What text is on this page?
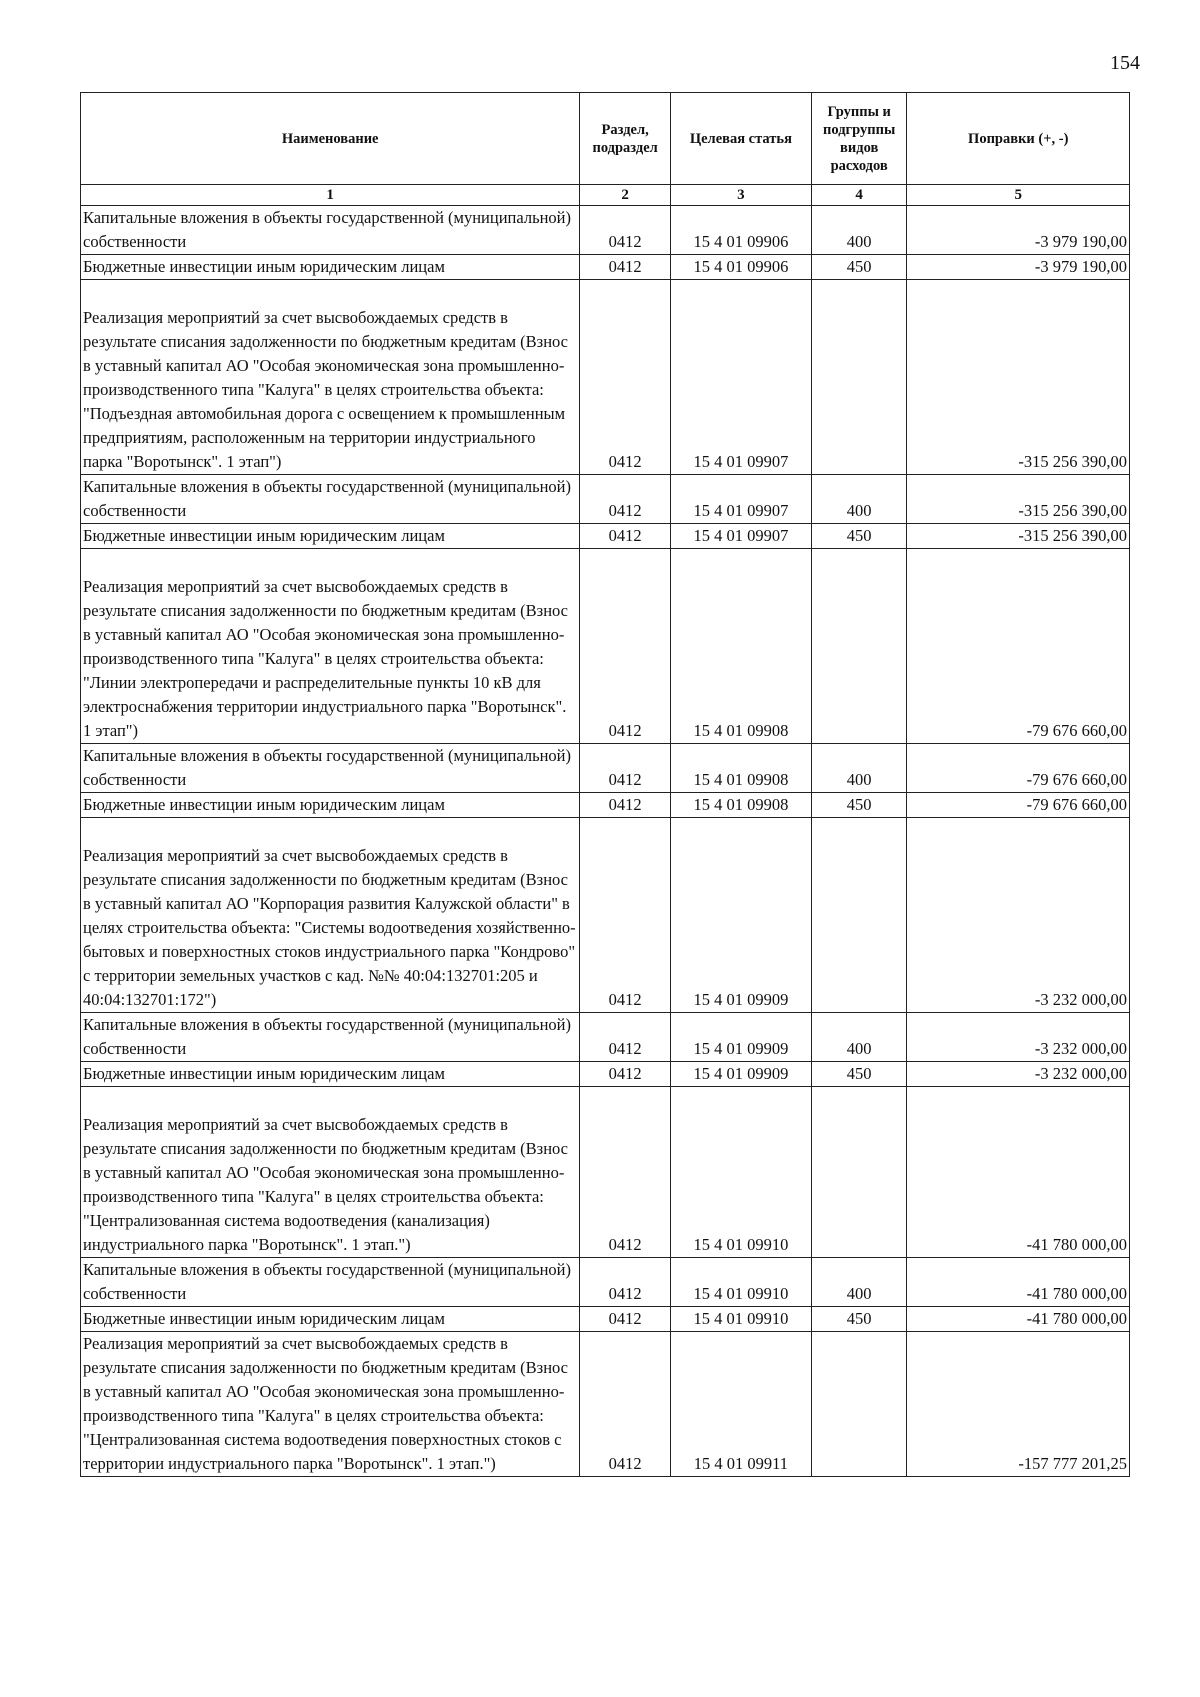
154
Наименование	Раздел, подраздел	Целевая статья	Группы и подгруппы видов расходов	Поправки (+, -)
1	2	3	4	5
Капитальные вложения в объекты государственной (муниципальной) собственности	0412	15 4 01 09906	400	-3 979 190,00
Бюджетные инвестиции иным юридическим лицам	0412	15 4 01 09906	450	-3 979 190,00
Реализация мероприятий за счет высвобождаемых средств в результате списания задолженности по бюджетным кредитам (Взнос в уставный капитал АО "Особая экономическая зона промышленно-производственного типа "Калуга" в целях строительства объекта: "Подъездная автомобильная дорога с освещением к промышленным предприятиям, расположенным на территории индустриального парка "Воротынск". 1 этап")	0412	15 4 01 09907		-315 256 390,00
Капитальные вложения в объекты государственной (муниципальной) собственности	0412	15 4 01 09907	400	-315 256 390,00
Бюджетные инвестиции иным юридическим лицам	0412	15 4 01 09907	450	-315 256 390,00
Реализация мероприятий за счет высвобождаемых средств в результате списания задолженности по бюджетным кредитам (Взнос в уставный капитал АО "Особая экономическая зона промышленно-производственного типа "Калуга" в целях строительства объекта: "Линии электропередачи и распределительные пункты 10 кВ для электроснабжения территории индустриального парка "Воротынск". 1 этап")	0412	15 4 01 09908		-79 676 660,00
Капитальные вложения в объекты государственной (муниципальной) собственности	0412	15 4 01 09908	400	-79 676 660,00
Бюджетные инвестиции иным юридическим лицам	0412	15 4 01 09908	450	-79 676 660,00
Реализация мероприятий за счет высвобождаемых средств в результате списания задолженности по бюджетным кредитам (Взнос в уставный капитал АО "Корпорация развития Калужской области" в целях строительства объекта: "Системы водоотведения хозяйственно-бытовых и поверхностных стоков индустриального парка "Кондрово" с территории земельных участков с кад. №№ 40:04:132701:205 и 40:04:132701:172")	0412	15 4 01 09909		-3 232 000,00
Капитальные вложения в объекты государственной (муниципальной) собственности	0412	15 4 01 09909	400	-3 232 000,00
Бюджетные инвестиции иным юридическим лицам	0412	15 4 01 09909	450	-3 232 000,00
Реализация мероприятий за счет высвобождаемых средств в результате списания задолженности по бюджетным кредитам (Взнос в уставный капитал АО "Особая экономическая зона промышленно-производственного типа "Калуга" в целях строительства объекта: "Централизованная система водоотведения (канализация) индустриального парка "Воротынск". 1 этап.")	0412	15 4 01 09910		-41 780 000,00
Капитальные вложения в объекты государственной (муниципальной) собственности	0412	15 4 01 09910	400	-41 780 000,00
Бюджетные инвестиции иным юридическим лицам	0412	15 4 01 09910	450	-41 780 000,00
Реализация мероприятий за счет высвобождаемых средств в результате списания задолженности по бюджетным кредитам (Взнос в уставный капитал АО "Особая экономическая зона промышленно-производственного типа "Калуга" в целях строительства объекта: "Централизованная система водоотведения поверхностных стоков с территории индустриального парка "Воротынск". 1 этап.")	0412	15 4 01 09911		-157 777 201,25
